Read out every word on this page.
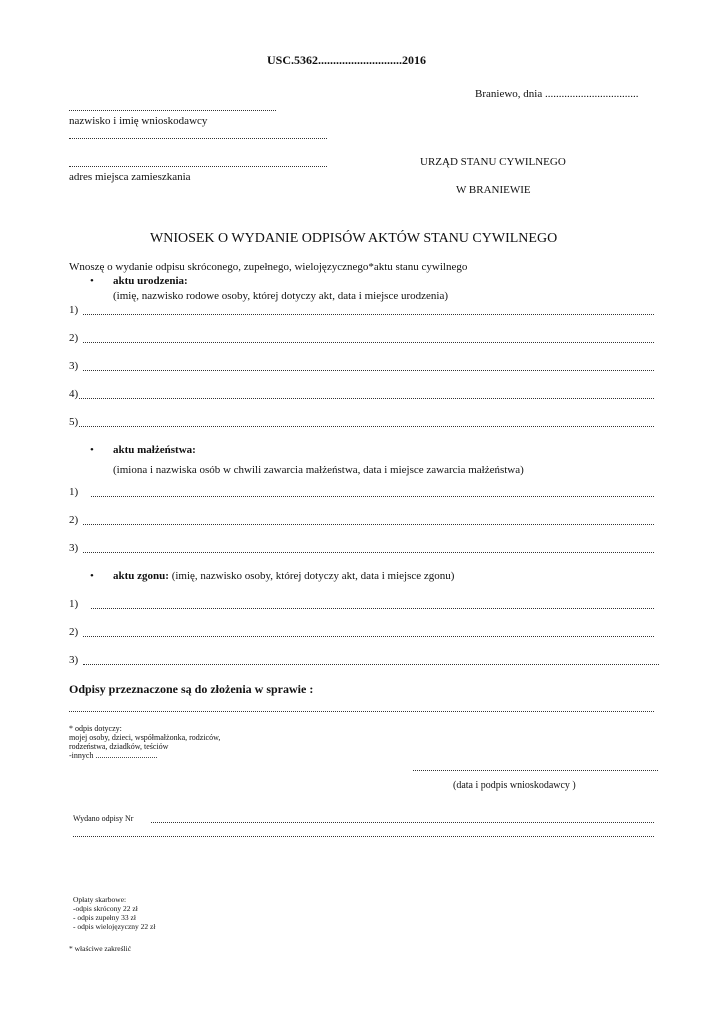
USC.5362............................2016
Braniewo, dnia ..................................
nazwisko i imię wnioskodawcy
adres miejsca zamieszkania
URZĄD STANU CYWILNEGO
W BRANIEWIE
WNIOSEK O WYDANIE ODPISÓW AKTÓW STANU CYWILNEGO
Wnoszę o wydanie odpisu skróconego, zupełnego, wielojęzycznego*aktu stanu cywilnego
• aktu urodzenia:
(imię, nazwisko rodowe osoby, której dotyczy akt, data i miejsce urodzenia)
1)
2)
3)
4)
5)
• aktu małżeństwa:
(imiona i nazwiska osób w chwili zawarcia małżeństwa, data i miejsce zawarcia małżeństwa)
1)
2)
3)
• aktu zgonu: (imię, nazwisko osoby, której dotyczy akt, data i miejsce zgonu)
1)
2)
3)
Odpisy przeznaczone są do złożenia w sprawie :
* odpis dotyczy:
mojej osoby, dzieci, współmałżonka, rodziców,
rodzeństwa, dziadków, teściów
-innych ...............................
(data i podpis wnioskodawcy )
Wydano odpisy Nr
Opłaty skarbowe:
-odpis skrócony 22 zł
- odpis zupełny 33 zł
- odpis wielojęzyczny 22 zł
* właściwe zakreślić
